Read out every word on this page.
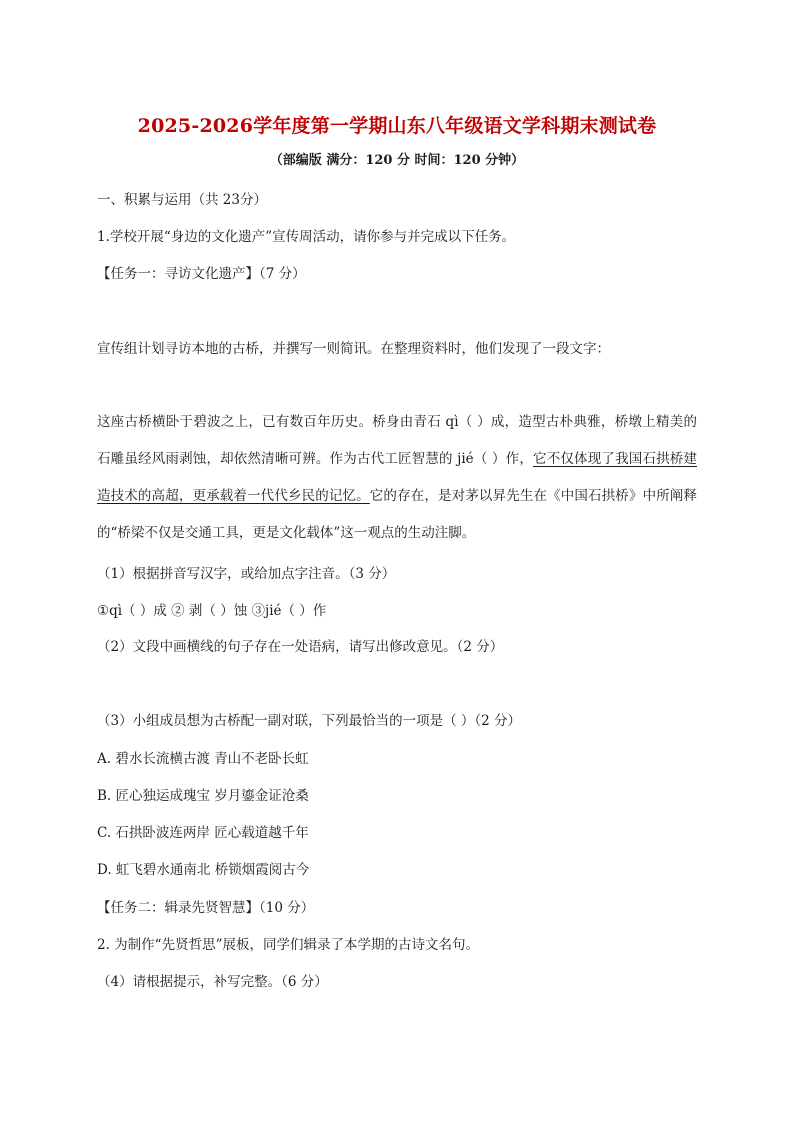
2025-2026学年度第一学期山东八年级语文学科期末测试卷
（部编版 满分：120 分 时间：120 分钟）
一、积累与运用（共 23分）
1.学校开展“身边的文化遗产”宣传周活动，请你参与并完成以下任务。
【任务一：寻访文化遗产】（7 分）
宣传组计划寻访本地的古桥，并撰写一则简讯。在整理资料时，他们发现了一段文字：
这座古桥横卧于碧波之上，已有数百年历史。桥身由青石 qì（ ）成，造型古朴典雅，桥墩上精美的石雕虽经风雨剥蚀，却依然清晰可辨。作为古代工匠智慧的 jié（ ）作，它不仅体现了我国石拱桥建造技术的高超，更承载着一代代乡民的记忆。它的存在，是对茅以昇先生在《中国石拱桥》中所阐释的“桥梁不仅是交通工具，更是文化载体”这一观点的生动注脚。
（1）根据拼音写汉字，或给加点字注音。（3 分）
①qì（ ）成 ② 剥（ ）蚀 ③jié（ ）作
（2）文段中画横线的句子存在一处语病，请写出修改意见。（2 分）
（3）小组成员想为古桥配一副对联，下列最恰当的一项是（ ）（2 分）
A. 碧水长流横古渡 青山不老卧长虹
B. 匠心独运成瑰宝 岁月鎏金证沧桑
C. 石拱卧波连两岸 匠心载道越千年
D. 虹飞碧水通南北 桥锁烟霞阅古今
【任务二：辑录先贤智慧】（10 分）
2. 为制作“先贤哲思”展板，同学们辑录了本学期的古诗文名句。
（4）请根据提示，补写完整。（6 分）
